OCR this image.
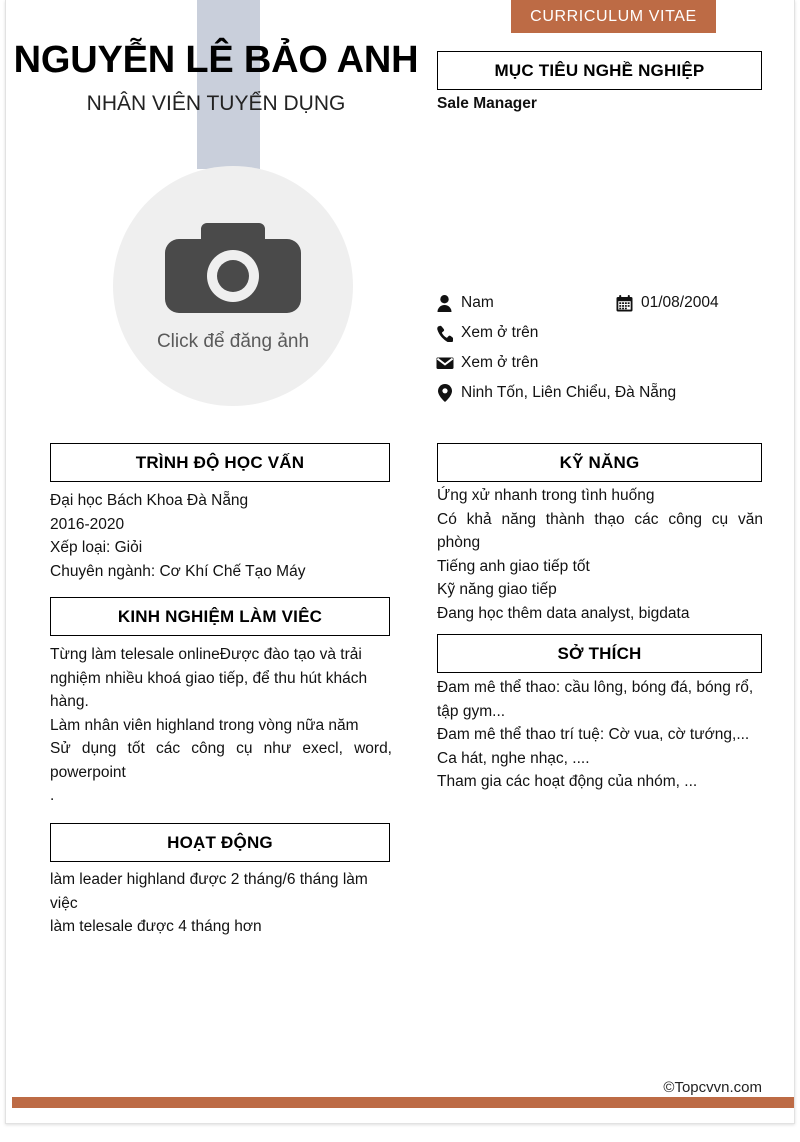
CURRICULUM VITAE
NGUYỄN LÊ BẢO ANH
NHÂN VIÊN TUYỂN DỤNG
Click để đăng ảnh
MỤC TIÊU NGHỀ NGHIỆP
Sale Manager
Nam	01/08/2004
Xem ở trên
Xem ở trên
Ninh Tốn, Liên Chiểu, Đà Nẵng
TRÌNH ĐỘ HỌC VẤN

Đại học Bách Khoa Đà Nẵng

2016-2020

Xếp loại: Giỏi

Chuyên ngành: Cơ Khí Chế Tạo Máy

KINH NGHIỆM LÀM VIÊC

Từng làm telesale onlineĐược đào tạo và trải nghiệm nhiều khoá giao tiếp, để thu hút khách hàng.

Làm nhân viên highland trong vòng nữa năm

Sử dụng tốt các công cụ như execl, word, powerpoint

.

HOẠT ĐỘNG

làm leader highland được 2 tháng/6 tháng làm việc

làm telesale được 4 tháng hơn

KỸ NĂNG

Ứng xử nhanh trong tình huống

Có khả năng thành thạo các công cụ văn phòng

Tiếng anh giao tiếp tốt

Kỹ năng giao tiếp

Đang học thêm data analyst, bigdata

SỞ THÍCH

Đam mê thể thao: cầu lông, bóng đá, bóng rổ, tập gym...

Đam mê thể thao trí tuệ: Cờ vua, cờ tướng,...

Ca hát, nghe nhạc, ....

Tham gia các hoạt động của nhóm, ...

©Topcvvn.com
